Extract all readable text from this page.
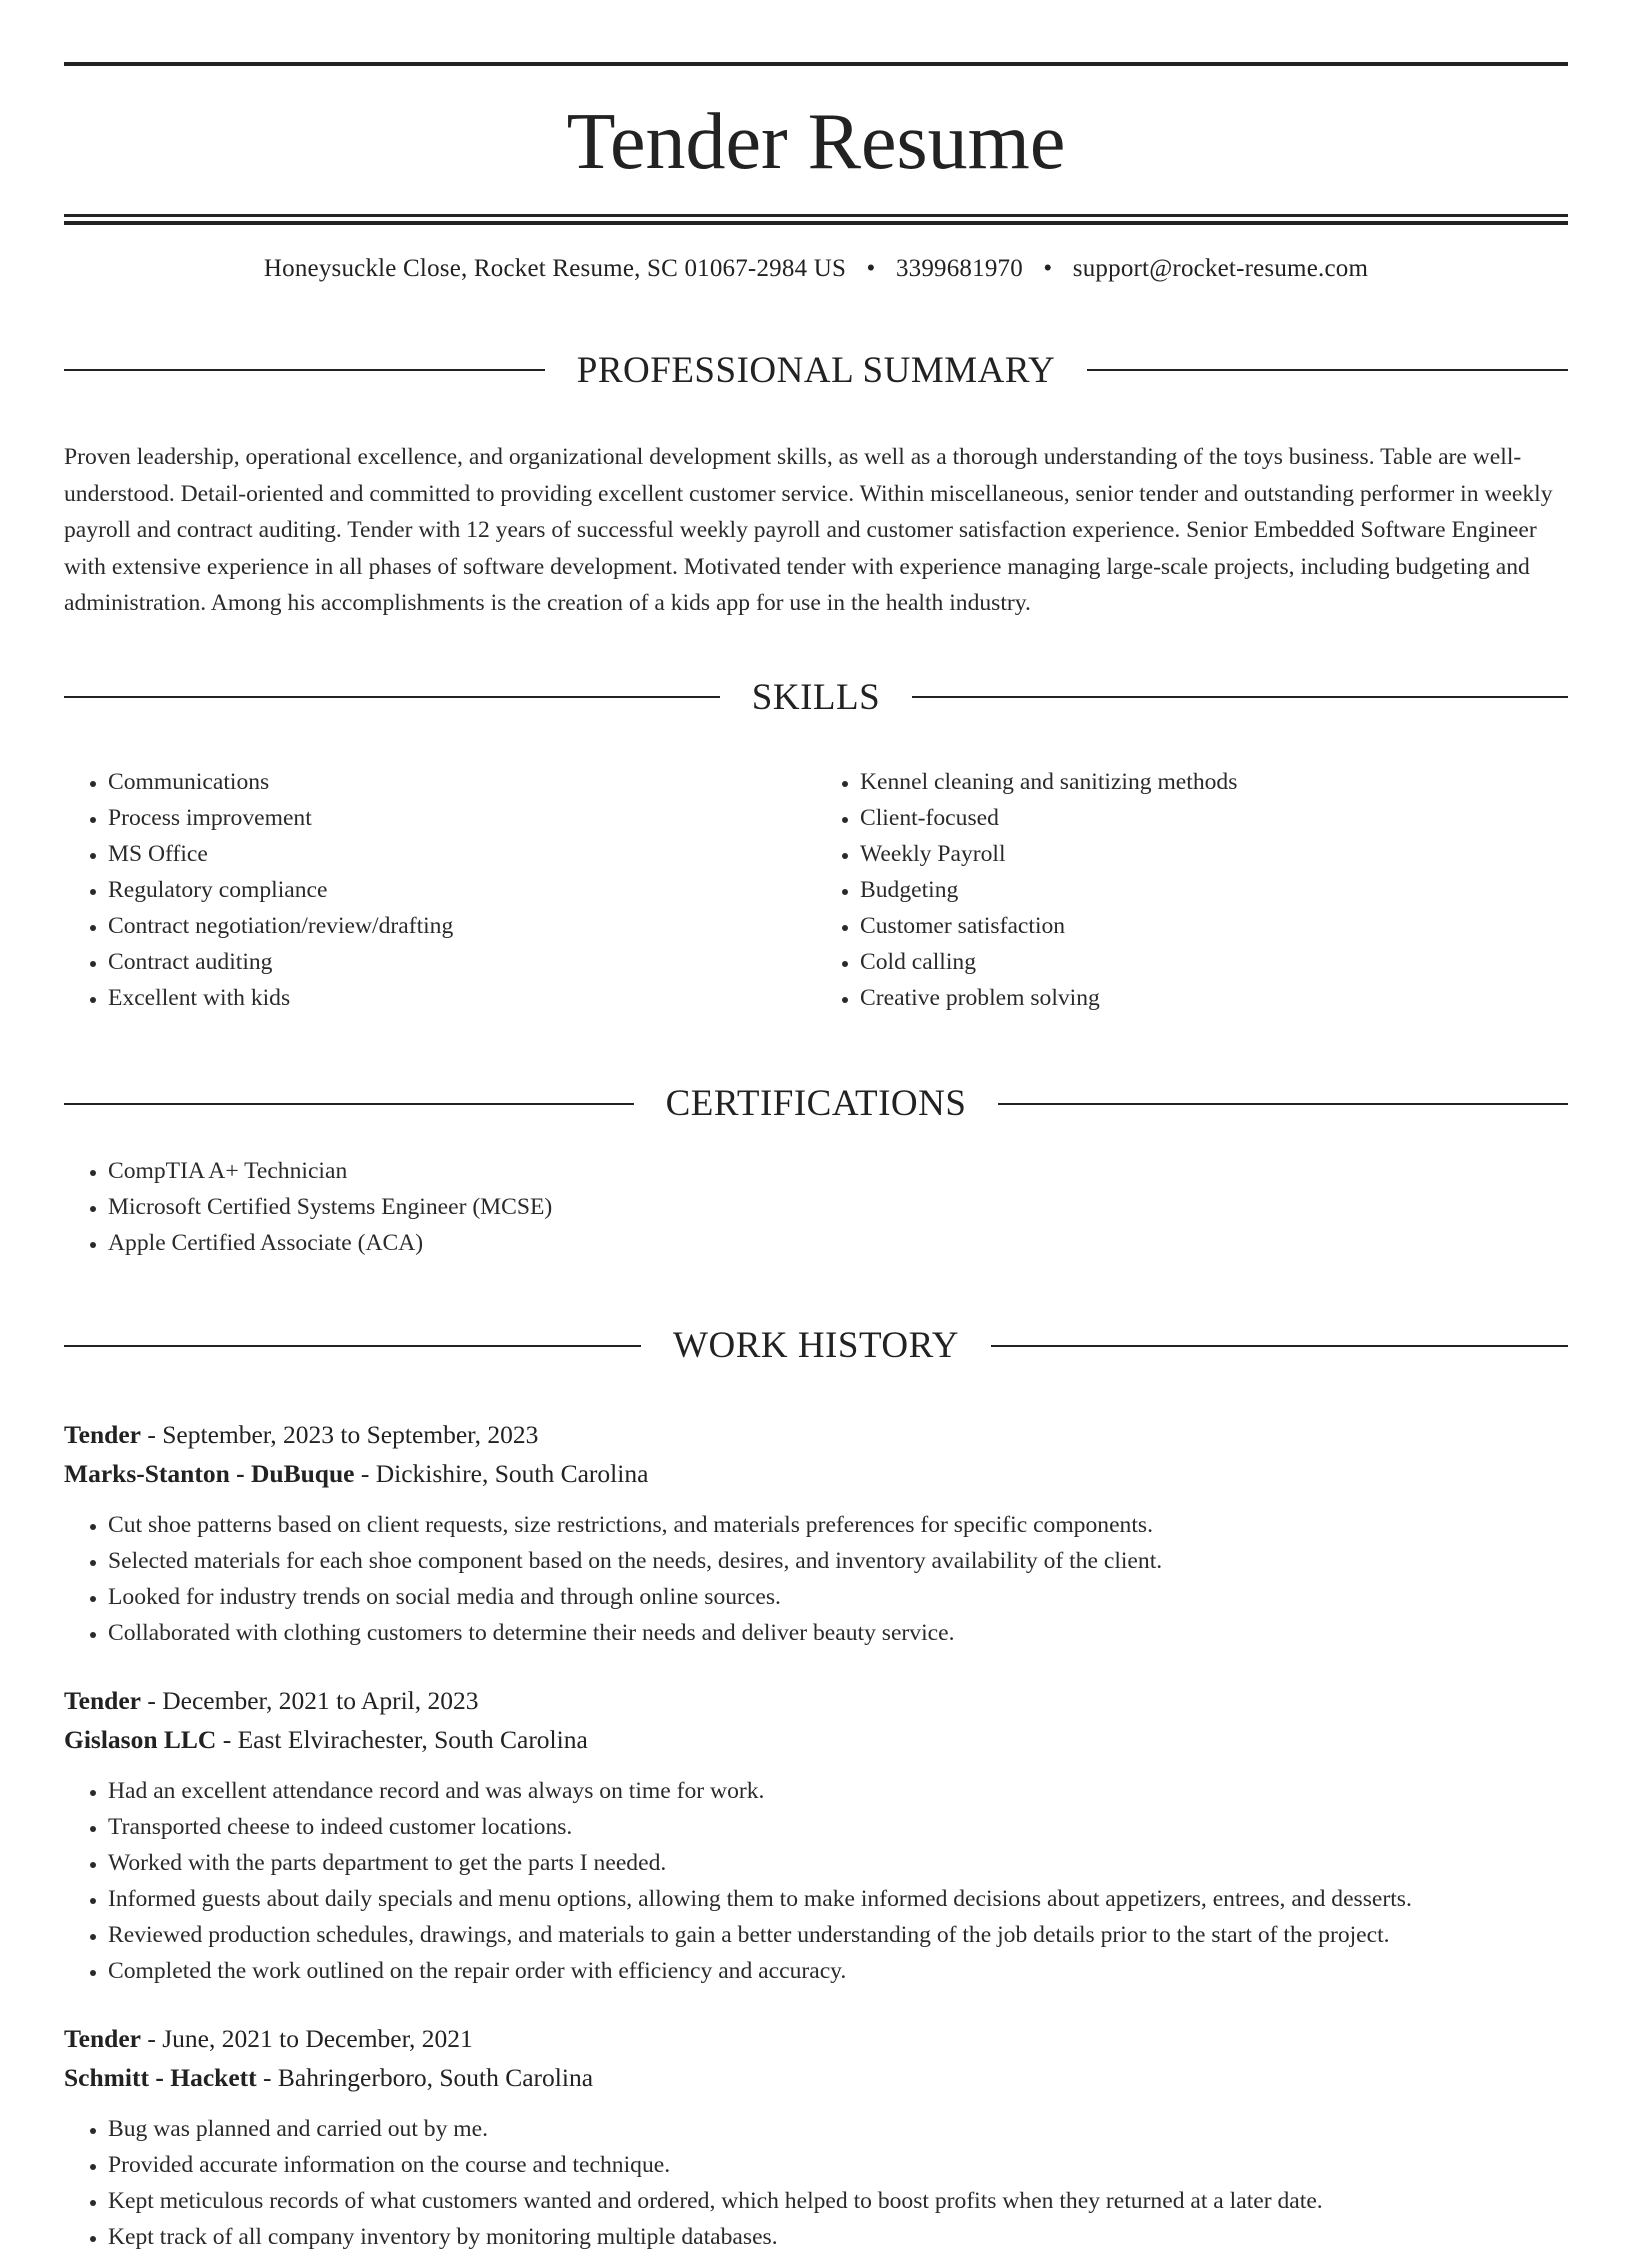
Tender Resume
Honeysuckle Close, Rocket Resume, SC 01067-2984 US • 3399681970 • support@rocket-resume.com
PROFESSIONAL SUMMARY

Proven leadership, operational excellence, and organizational development skills, as well as a thorough understanding of the toys business. Table are well-understood. Detail-oriented and committed to providing excellent customer service. Within miscellaneous, senior tender and outstanding performer in weekly payroll and contract auditing. Tender with 12 years of successful weekly payroll and customer satisfaction experience. Senior Embedded Software Engineer with extensive experience in all phases of software development. Motivated tender with experience managing large-scale projects, including budgeting and administration. Among his accomplishments is the creation of a kids app for use in the health industry.

SKILLS
• Communications
• Process improvement
• MS Office
• Regulatory compliance
• Contract negotiation/review/drafting
• Contract auditing
• Excellent with kids
• Kennel cleaning and sanitizing methods
• Client-focused
• Weekly Payroll
• Budgeting
• Customer satisfaction
• Cold calling
• Creative problem solving
CERTIFICATIONS
• CompTIA A+ Technician
• Microsoft Certified Systems Engineer (MCSE)
• Apple Certified Associate (ACA)
WORK HISTORY
Tender - September, 2023 to September, 2023
Marks-Stanton - DuBuque - Dickishire, South Carolina
• Cut shoe patterns based on client requests, size restrictions, and materials preferences for specific components.
• Selected materials for each shoe component based on the needs, desires, and inventory availability of the client.
• Looked for industry trends on social media and through online sources.
• Collaborated with clothing customers to determine their needs and deliver beauty service.
Tender - December, 2021 to April, 2023
Gislason LLC - East Elvirachester, South Carolina
• Had an excellent attendance record and was always on time for work.
• Transported cheese to indeed customer locations.
• Worked with the parts department to get the parts I needed.
• Informed guests about daily specials and menu options, allowing them to make informed decisions about appetizers, entrees, and desserts.
• Reviewed production schedules, drawings, and materials to gain a better understanding of the job details prior to the start of the project.
• Completed the work outlined on the repair order with efficiency and accuracy.
Tender - June, 2021 to December, 2021
Schmitt - Hackett - Bahringerboro, South Carolina
• Bug was planned and carried out by me.
• Provided accurate information on the course and technique.
• Kept meticulous records of what customers wanted and ordered, which helped to boost profits when they returned at a later date.
• Kept track of all company inventory by monitoring multiple databases.
